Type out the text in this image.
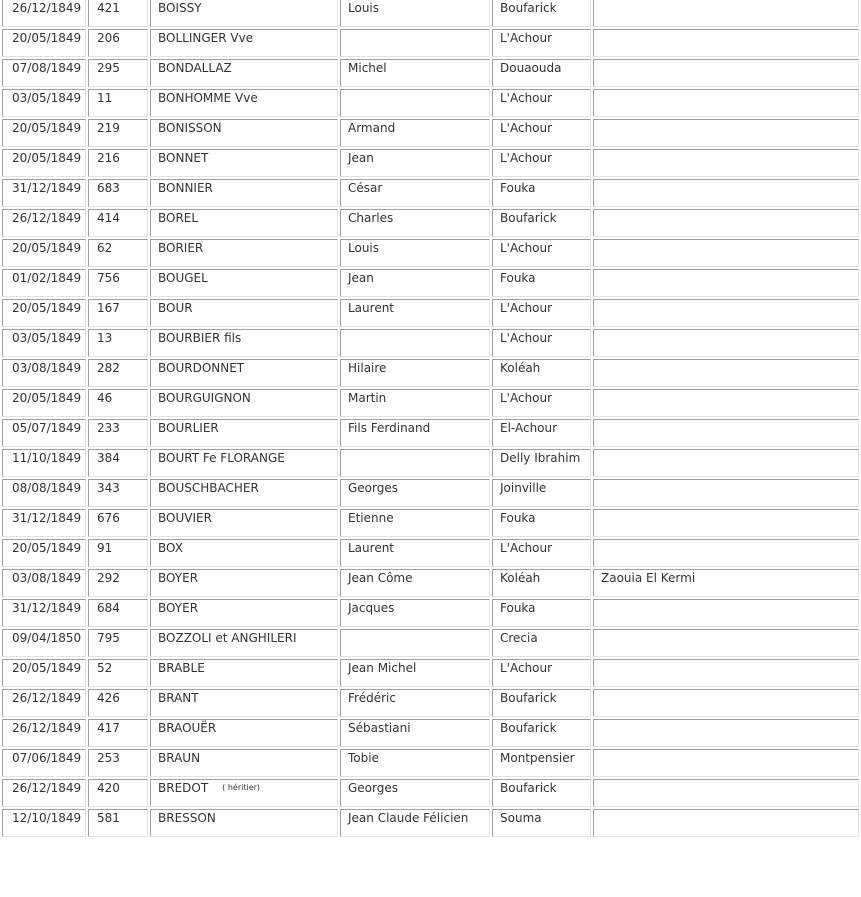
26/12/1849	421	BOISSY	Louis	Boufarick	
20/05/1849	206	BOLLINGER Vve		L'Achour	
07/08/1849	295	BONDALLAZ	Michel	Douaouda	
03/05/1849	11	BONHOMME Vve		L'Achour	
20/05/1849	219	BONISSON	Armand	L'Achour	
20/05/1849	216	BONNET	Jean	L'Achour	
31/12/1849	683	BONNIER	César	Fouka	
26/12/1849	414	BOREL	Charles	Boufarick	
20/05/1849	62	BORIER	Louis	L'Achour	
01/02/1849	756	BOUGEL	Jean	Fouka	
20/05/1849	167	BOUR	Laurent	L'Achour	
03/05/1849	13	BOURBIER fils		L'Achour	
03/08/1849	282	BOURDONNET	Hilaire	Koléah	
20/05/1849	46	BOURGUIGNON	Martin	L'Achour	
05/07/1849	233	BOURLIER	Fils Ferdinand	El-Achour	
11/10/1849	384	BOURT Fe FLORANGE		Delly Ibrahim	
08/08/1849	343	BOUSCHBACHER	Georges	Joinville	
31/12/1849	676	BOUVIER	Etienne	Fouka	
20/05/1849	91	BOX	Laurent	L'Achour	
03/08/1849	292	BOYER	Jean Côme	Koléah	Zaouia El Kermi
31/12/1849	684	BOYER	Jacques	Fouka	
09/04/1850	795	BOZZOLI et ANGHILERI		Crecia	
20/05/1849	52	BRABLE	Jean Michel	L'Achour	
26/12/1849	426	BRANT	Frédéric	Boufarick	
26/12/1849	417	BRAOUËR	Sébastiani	Boufarick	
07/06/1849	253	BRAUN	Tobie	Montpensier	
26/12/1849	420	BREDOT ( héritier)	Georges	Boufarick	
12/10/1849	581	BRESSON	Jean Claude Félicien	Souma	
